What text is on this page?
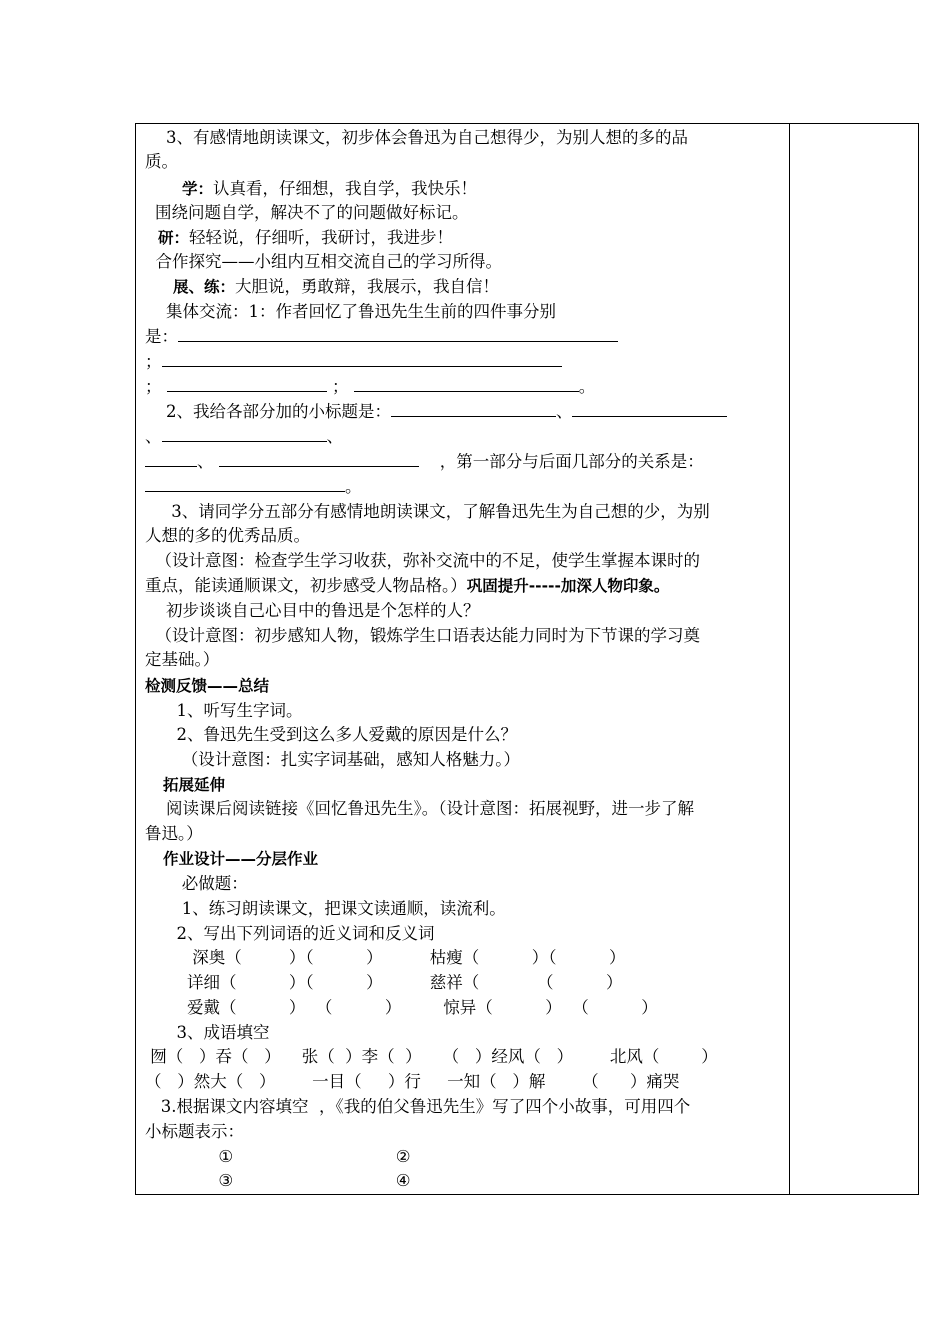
3、有感情地朗读课文，初步体会鲁迅为自己想得少，为别人想的多的品
质。
学：认真看，仔细想，我自学，我快乐！
围绕问题自学，解决不了的问题做好标记。
研：轻轻说，仔细听，我研讨，我进步！
合作探究——小组内互相交流自己的学习所得。
展、练：大胆说，勇敢辩，我展示，我自信！
集体交流：1：作者回忆了鲁迅先生生前的四件事分别
是：
；
；	；	。
2、我给各部分加的小标题是：	、
、	、
、	，第一部分与后面几部分的关系是：
。
3、请同学分五部分有感情地朗读课文，了解鲁迅先生为自己想的少，为别
人想的多的优秀品质。
（设计意图：检查学生学习收获，弥补交流中的不足，使学生掌握本课时的
重点，能读通顺课文，初步感受人物品格。）巩固提升-----加深人物印象。
初步谈谈自己心目中的鲁迅是个怎样的人？
（设计意图：初步感知人物，锻炼学生口语表达能力同时为下节课的学习奠
定基础。）
检测反馈——总结
1、听写生字词。
2、鲁迅先生受到这么多人爱戴的原因是什么？
（设计意图：扎实字词基础，感知人格魅力。）
拓展延伸
阅读课后阅读链接《回忆鲁迅先生》。（设计意图：拓展视野，进一步了解
鲁迅。）
作业设计——分层作业
必做题：
1、练习朗读课文，把课文读通顺，读流利。
2、写出下列词语的近义词和反义词
深奥（         ）（          ）         枯瘦（          ）（          ）
详细（          ）（          ）         慈祥（           （          ）
爱戴（          ）  （          ）        惊异（          ）  （          ）
3、成语填空
囫（   ）吞（   ）    张（  ）李（  ）    （   ）经风（   ）       北风（        ）
（   ）然大（   ）       一目（     ）行     一知（   ）解       （      ）痛哭
3.根据课文内容填空  ，《我的伯父鲁迅先生》写了四个小故事，可用四个
小标题表示：
①                               ②
③                               ④
